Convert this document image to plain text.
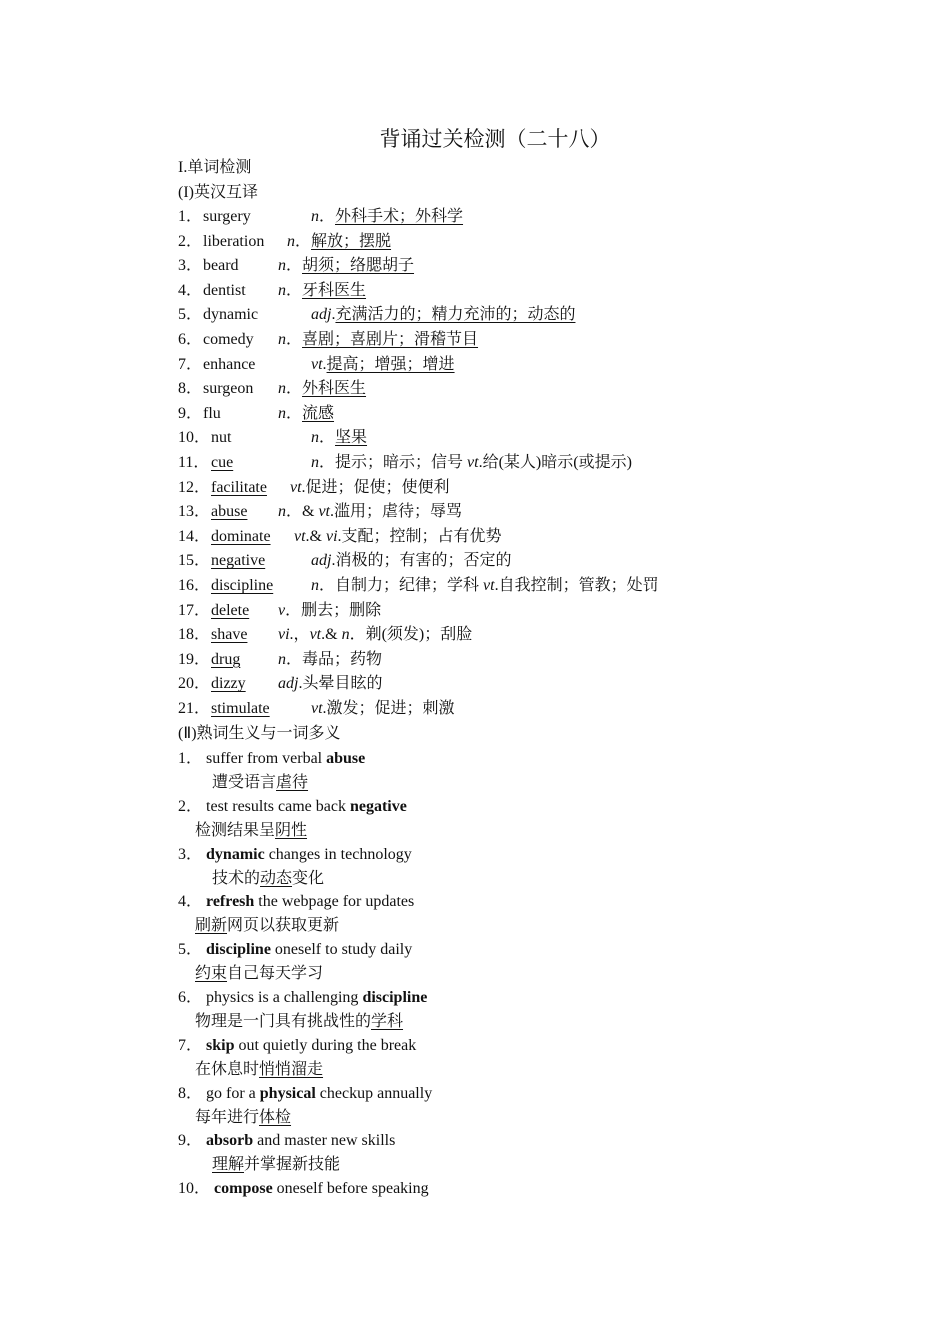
背诵过关检测（二十八）
I.单词检测
(I)英汉互译
1． surgery	n．外科手术；外科学
2． liberation n．解放；摆脱
3． beard n．胡须；络腮胡子
4． dentist n．牙科医生
5． dynamic	adj.充满活力的；精力充沛的；动态的
6． comedy n．喜剧；喜剧片；滑稽节目
7． enhance	vt.提高；增强；增进
8． surgeon n．外科医生
9． flu	n．流感
10． nut	n．坚果
11． cue	n．提示；暗示；信号 vt.给(某人)暗示(或提示)
12． facilitate vt.促进；促使；使便利
13． abuse n．& vt.滥用；虐待；辱骂
14． dominate vt.& vi.支配；控制；占有优势
15． negative	adj.消极的；有害的；否定的
16． discipline n．自制力；纪律；学科 vt.自我控制；管教；处罚
17． delete v．删去；删除
18． shave vi.，vt.& n．剃(须发)；刮脸
19． drug n．毒品；药物
20． dizzy adj.头晕目眩的
21． stimulate	vt.激发；促进；刺激
(Ⅱ)熟词生义与一词多义
1． suffer from verbal abuse
遭受语言虐待
2． test results came back negative
检测结果呈阴性
3． dynamic changes in technology
技术的动态变化
4． refresh the webpage for updates
刷新网页以获取更新
5． discipline oneself to study daily
约束自己每天学习
6． physics is a challenging discipline
物理是一门具有挑战性的学科
7． skip out quietly during the break
在休息时悄悄溜走
8． go for a physical checkup annually
每年进行体检
9． absorb and master new skills
理解并掌握新技能
10． compose oneself before speaking
